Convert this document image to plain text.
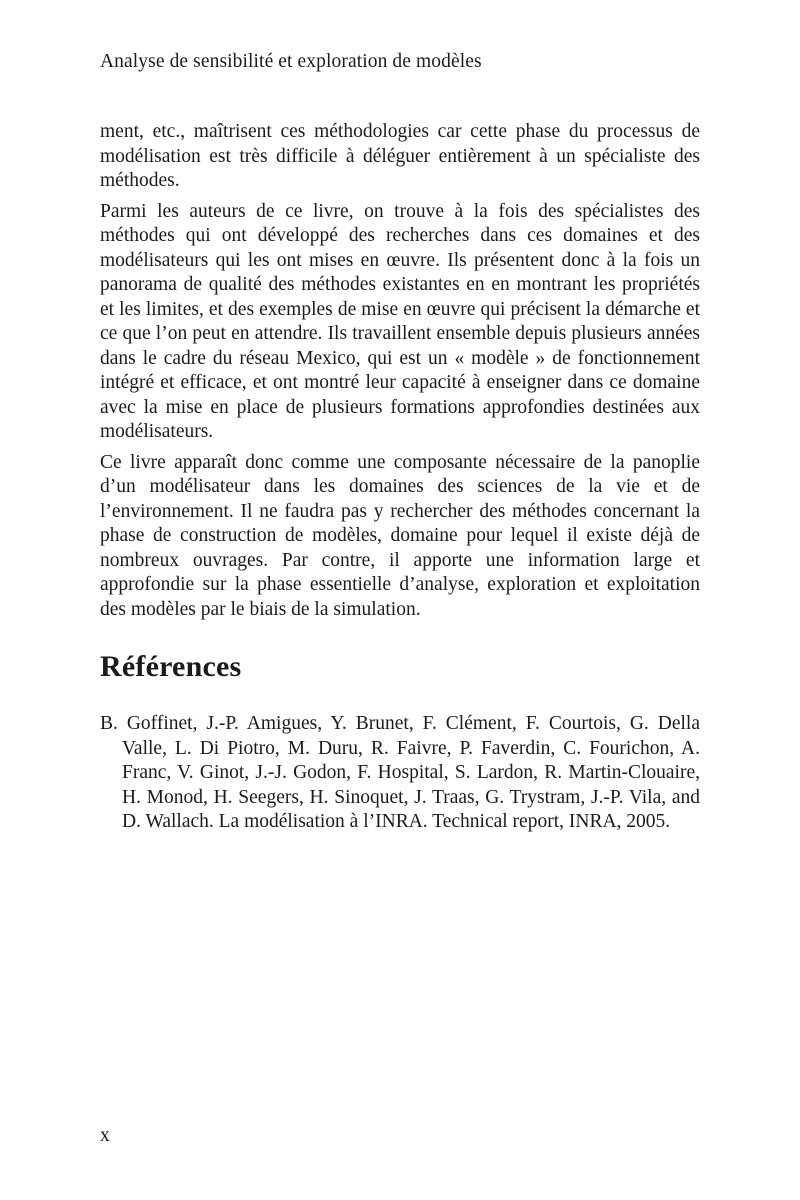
Analyse de sensibilité et exploration de modèles

ment, etc., maîtrisent ces méthodologies car cette phase du processus de modélisation est très difficile à déléguer entièrement à un spécialiste des méthodes.

Parmi les auteurs de ce livre, on trouve à la fois des spécialistes des méthodes qui ont développé des recherches dans ces domaines et des modélisateurs qui les ont mises en œuvre. Ils présentent donc à la fois un panorama de qualité des méthodes existantes en en montrant les propriétés et les limites, et des exemples de mise en œuvre qui précisent la démarche et ce que l’on peut en attendre. Ils travaillent ensemble depuis plusieurs années dans le cadre du réseau Mexico, qui est un « modèle » de fonctionnement intégré et efficace, et ont montré leur capacité à enseigner dans ce domaine avec la mise en place de plusieurs formations approfondies destinées aux modélisateurs.

Ce livre apparaît donc comme une composante nécessaire de la panoplie d’un modélisateur dans les domaines des sciences de la vie et de l’environnement. Il ne faudra pas y rechercher des méthodes concernant la phase de construction de modèles, domaine pour lequel il existe déjà de nombreux ouvrages. Par contre, il apporte une information large et approfondie sur la phase essentielle d’analyse, exploration et exploitation des modèles par le biais de la simulation.

Références
B. Goffinet, J.-P. Amigues, Y. Brunet, F. Clément, F. Courtois, G. Della Valle, L. Di Piotro, M. Duru, R. Faivre, P. Faverdin, C. Fourichon, A. Franc, V. Ginot, J.-J. Godon, F. Hospital, S. Lardon, R. Martin-Clouaire, H. Monod, H. Seegers, H. Sinoquet, J. Traas, G. Trystram, J.-P. Vila, and D. Wallach. La modélisation à l’INRA. Technical report, INRA, 2005.
x
